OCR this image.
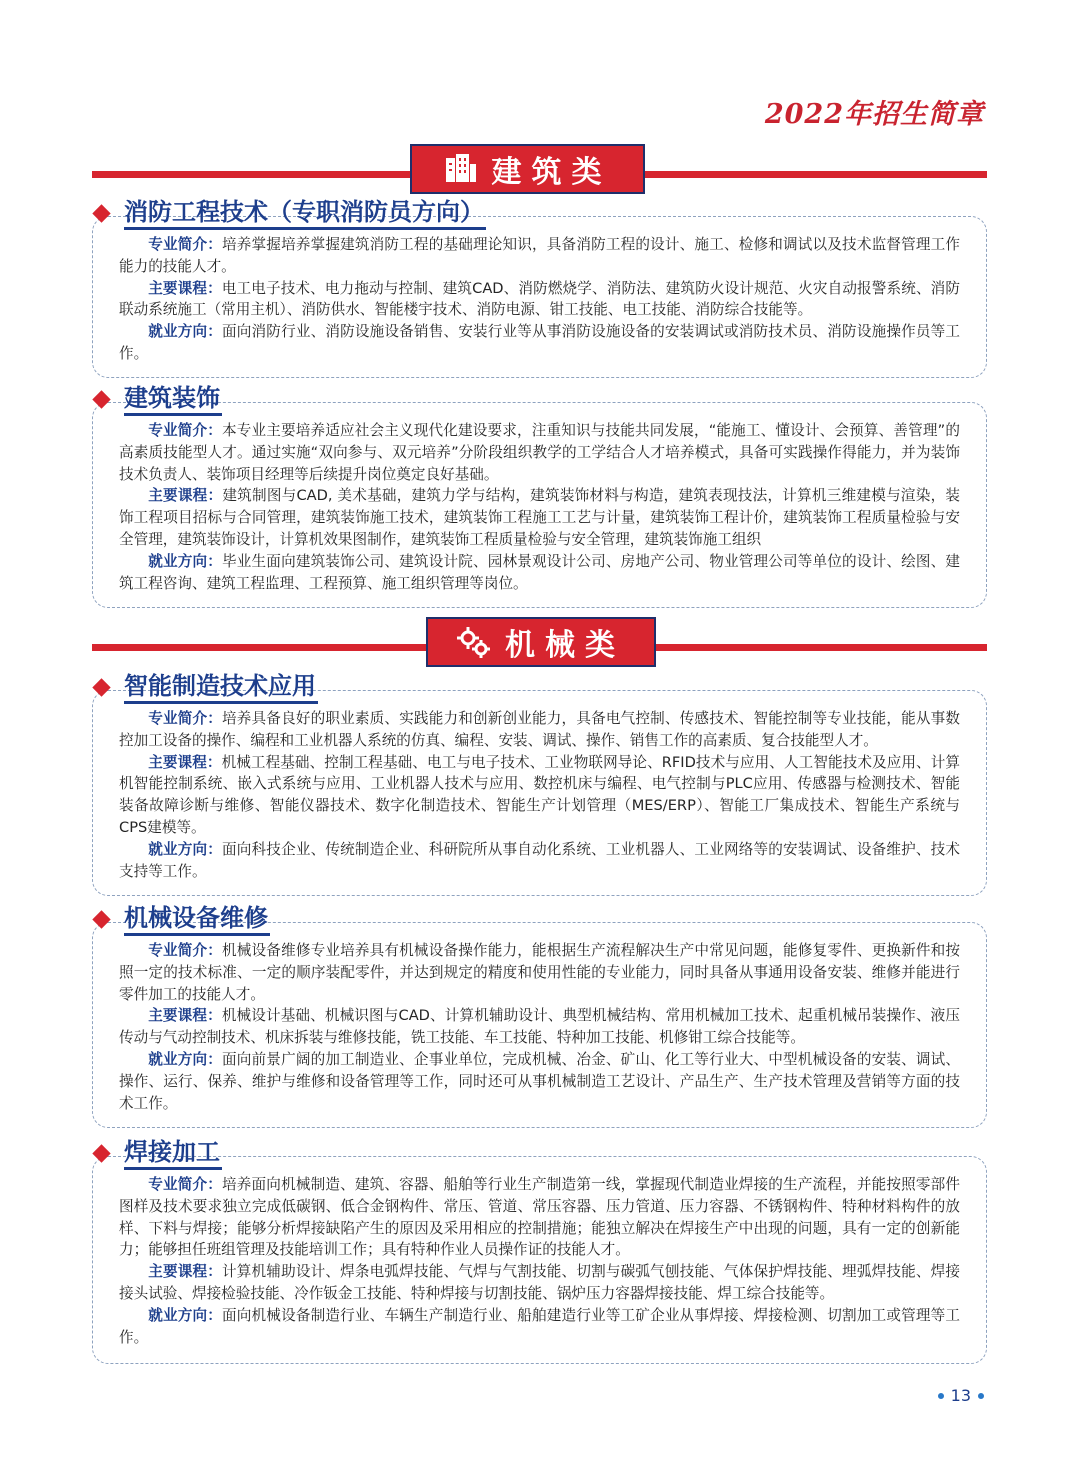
2022年招生简章
建筑类
机械类
消防工程技术（专职消防员方向）

专业简介：培养掌握培养掌握建筑消防工程的基础理论知识，具备消防工程的设计、施工、检修和调试以及技术监督管理工作能力的技能人才。

主要课程：电工电子技术、电力拖动与控制、建筑CAD、消防燃烧学、消防法、建筑防火设计规范、火灾自动报警系统、消防联动系统施工（常用主机）、消防供水、智能楼宇技术、消防电源、钳工技能、电工技能、消防综合技能等。

就业方向：面向消防行业、消防设施设备销售、安装行业等从事消防设施设备的安装调试或消防技术员、消防设施操作员等工作。

建筑装饰

专业简介：本专业主要培养适应社会主义现代化建设要求，注重知识与技能共同发展，“能施工、懂设计、会预算、善管理”的高素质技能型人才。通过实施“双向参与、双元培养”分阶段组织教学的工学结合人才培养模式，具备可实践操作得能力，并为装饰技术负责人、装饰项目经理等后续提升岗位奠定良好基础。

主要课程：建筑制图与CAD, 美术基础，建筑力学与结构，建筑装饰材料与构造，建筑表现技法，计算机三维建模与渲染，装饰工程项目招标与合同管理，建筑装饰施工技术，建筑装饰工程施工工艺与计量，建筑装饰工程计价，建筑装饰工程质量检验与安全管理，建筑装饰设计，计算机效果图制作，建筑装饰工程质量检验与安全管理，建筑装饰施工组织

就业方向：毕业生面向建筑装饰公司、建筑设计院、园林景观设计公司、房地产公司、物业管理公司等单位的设计、绘图、建筑工程咨询、建筑工程监理、工程预算、施工组织管理等岗位。

智能制造技术应用

专业简介：培养具备良好的职业素质、实践能力和创新创业能力，具备电气控制、传感技术、智能控制等专业技能，能从事数控加工设备的操作、编程和工业机器人系统的仿真、编程、安装、调试、操作、销售工作的高素质、复合技能型人才。

主要课程：机械工程基础、控制工程基础、电工与电子技术、工业物联网导论、RFID技术与应用、人工智能技术及应用、计算机智能控制系统、嵌入式系统与应用、工业机器人技术与应用、数控机床与编程、电气控制与PLC应用、传感器与检测技术、智能装备故障诊断与维修、智能仪器技术、数字化制造技术、智能生产计划管理（MES/ERP）、智能工厂集成技术、智能生产系统与CPS建模等。

就业方向：面向科技企业、传统制造企业、科研院所从事自动化系统、工业机器人、工业网络等的安装调试、设备维护、技术支持等工作。

机械设备维修

专业简介：机械设备维修专业培养具有机械设备操作能力，能根据生产流程解决生产中常见问题，能修复零件、更换新件和按照一定的技术标准、一定的顺序装配零件，并达到规定的精度和使用性能的专业能力，同时具备从事通用设备安装、维修并能进行零件加工的技能人才。

主要课程：机械设计基础、机械识图与CAD、计算机辅助设计、典型机械结构、常用机械加工技术、起重机械吊装操作、液压传动与气动控制技术、机床拆装与维修技能，铣工技能、车工技能、特种加工技能、机修钳工综合技能等。

就业方向：面向前景广阔的加工制造业、企事业单位，完成机械、冶金、矿山、化工等行业大、中型机械设备的安装、调试、操作、运行、保养、维护与维修和设备管理等工作，同时还可从事机械制造工艺设计、产品生产、生产技术管理及营销等方面的技术工作。

焊接加工

专业简介：培养面向机械制造、建筑、容器、船舶等行业生产制造第一线，掌握现代制造业焊接的生产流程，并能按照零部件图样及技术要求独立完成低碳钢、低合金钢构件、常压、管道、常压容器、压力管道、压力容器、不锈钢构件、特种材料构件的放样、下料与焊接；能够分析焊接缺陷产生的原因及采用相应的控制措施；能独立解决在焊接生产中出现的问题，具有一定的创新能力；能够担任班组管理及技能培训工作；具有特种作业人员操作证的技能人才。

主要课程：计算机辅助设计、焊条电弧焊技能、气焊与气割技能、切割与碳弧气刨技能、气体保护焊技能、埋弧焊技能、焊接接头试验、焊接检验技能、冷作钣金工技能、特种焊接与切割技能、锅炉压力容器焊接技能、焊工综合技能等。

就业方向：面向机械设备制造行业、车辆生产制造行业、船舶建造行业等工矿企业从事焊接、焊接检测、切割加工或管理等工作。

13
